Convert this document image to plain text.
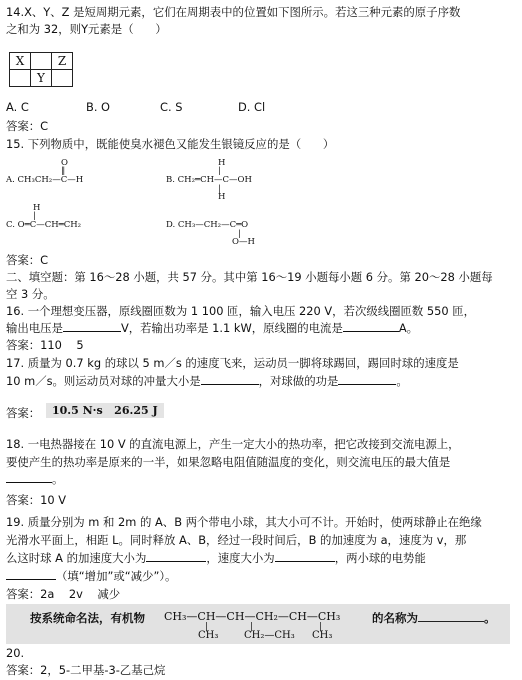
14.X、Y、Z 是短周期元素，它们在周期表中的位置如下图所示。若这三种元素的原子序数
之和为 32，则Y元素是（      ）
X		Z
	Y	
A. C	B. O	C. S	D. Cl
答案：C
15. 下列物质中，既能使臭水褪色又能发生银镜反应的是（      ）
O
‖
A. CH₃CH₂—C—H
H
|
B. CH₂═CH—C—OH
|
H
H
|
C. O═C—CH═CH₂	D. CH₃—CH₂—C═O
|
O—H
答案：C
二、填空题：第 16～28 小题，共 57 分。其中第 16～19 小题每小题 6 分。第 20～28 小题每
空 3 分。
16. 一个理想变压器，原线圈匝数为 1 100 匝，输入电压 220 V，若次级线圈匝数 550 匝，
输出电压是	V，若输出功率是 1.1 kW，原线圈的电流是	A。
答案：110    5
17. 质量为 0.7 kg 的球以 5 m／s 的速度飞来，运动员一脚将球踢回，踢回时球的速度是
10 m／s。则运动员对球的冲量大小是	，对球做的功是	。
答案：	10.5 N·s   26.25 J
18. 一电热器接在 10 V 的直流电源上，产生一定大小的热功率，把它改接到交流电源上，
要使产生的热功率是原来的一半，如果忽略电阻值随温度的变化，则交流电压的最大值是
。
答案：10 V
19. 质量分别为 m 和 2m 的 A、B 两个带电小球，其大小可不计。开始时，使两球静止在绝缘
光滑水平面上，相距 L。同时释放 A、B，经过一段时间后，B 的加速度为 a，速度为 v，那
么这时球 A 的加速度大小为	，速度大小为	，两小球的电势能
（填“增加”或“减少”）。
答案：2a    2v    减少
按系统命名法，有机物 CH₃—CH—CH—CH₂—CH—CH₃
|	|	|
CH₃	CH₂—CH₃ CH₃
的名称为	。
20.
答案：2，5-二甲基-3-乙基己烷
